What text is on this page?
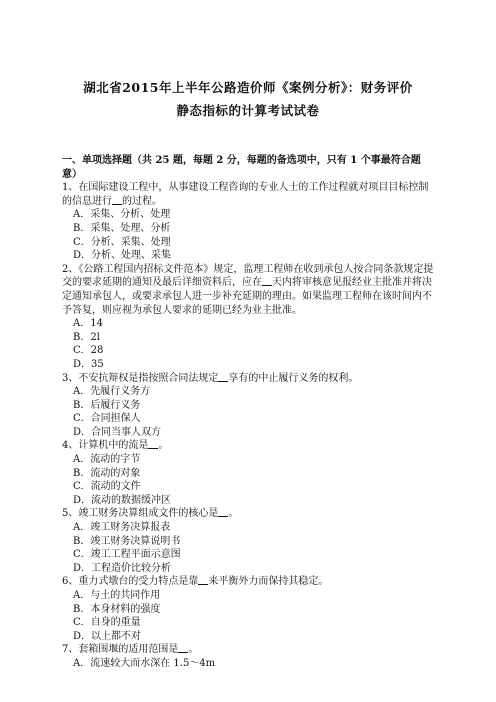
湖北省2015年上半年公路造价师《案例分析》：财务评价
静态指标的计算考试试卷
一、单项选择题（共 25 题，每题 2 分，每题的备选项中，只有 1 个事最符合题意）

1、在国际建设工程中，从事建设工程咨询的专业人士的工作过程就对项目目标控制的信息进行 的过程。

A．采集、分析、处理

B．采集、处理、分析

C．分析、采集、处理

D．分析、处理、采集

2、《公路工程国内招标文件范本》规定，监理工程师在收到承包人按合同条款规定提交的要求延期的通知及最后详细资料后，应在 天内将审核意见报经业主批准并将决定通知承包人，或要求承包人进一步补充延期的理由。如果监理工程师在该时间内不予答复，则应视为承包人要求的延期已经为业主批准。

A．14

B．2l

C．28

D．35

3、不安抗辩权是指按照合同法规定 享有的中止履行义务的权利。

A．先履行义务方

B．后履行义务

C．合同担保人

D．合同当事人双方

4、计算机中的流是 。

A．流动的字节

B．流动的对象

C．流动的文件

D．流动的数据缓冲区

5、竣工财务决算组成文件的核心是 。

A．竣工财务决算报表

B．竣工财务决算说明书

C．竣工工程平面示意图

D．工程造价比较分析

6、重力式墩台的受力特点是靠 来平衡外力而保持其稳定。

A．与土的共同作用

B．本身材料的强度

C．自身的重量

D．以上都不对

7、套箱围堰的适用范围是 。

A．流速较大而水深在 1.5～4m
